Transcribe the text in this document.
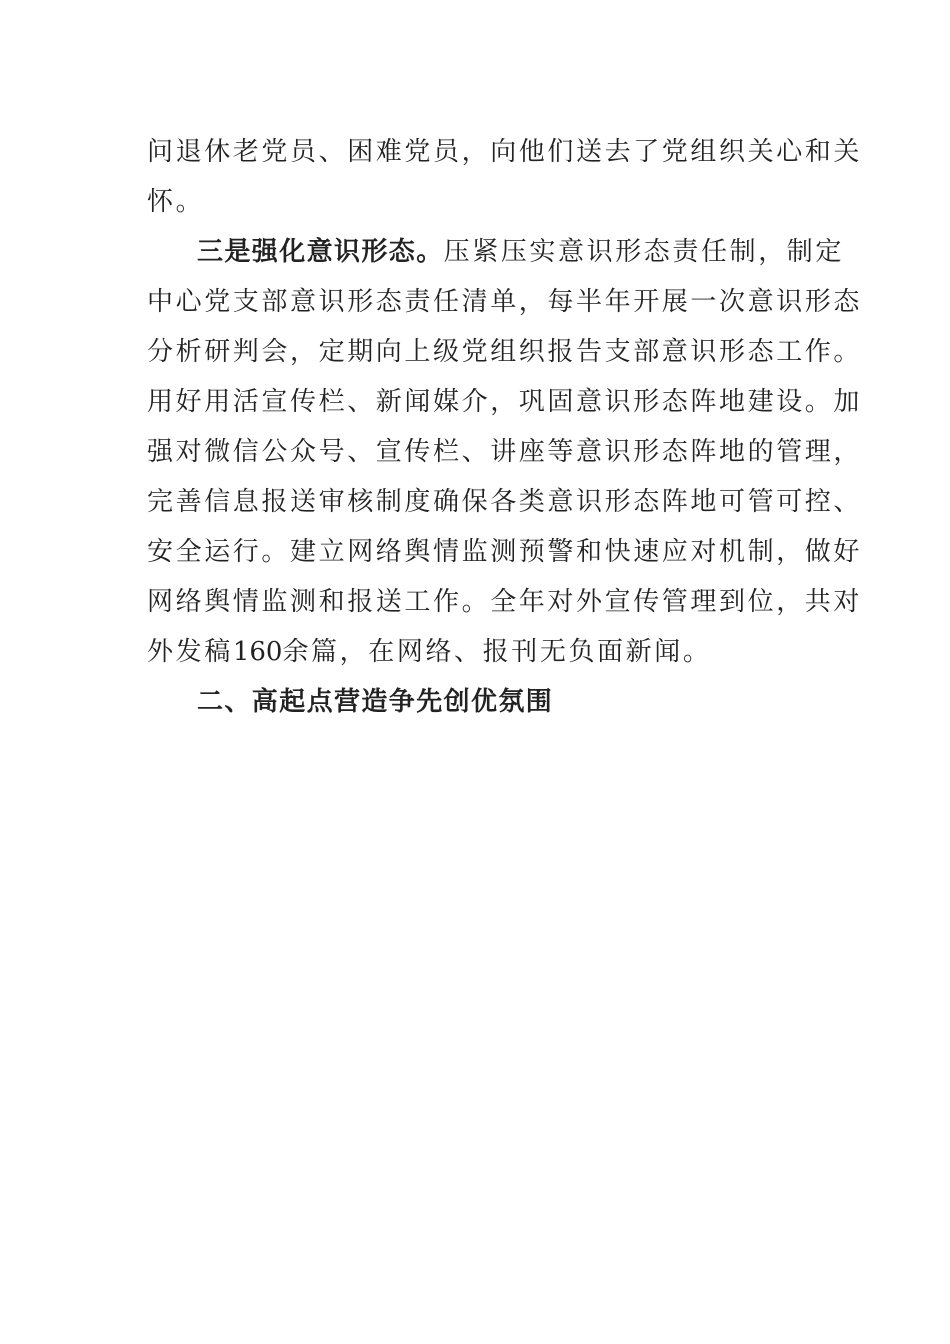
问退休老党员、困难党员，向他们送去了党组织关心和关
怀。
三是强化意识形态。压紧压实意识形态责任制，制定
中心党支部意识形态责任清单，每半年开展一次意识形态
分析研判会，定期向上级党组织报告支部意识形态工作。
用好用活宣传栏、新闻媒介，巩固意识形态阵地建设。加
强对微信公众号、宣传栏、讲座等意识形态阵地的管理，
完善信息报送审核制度确保各类意识形态阵地可管可控、
安全运行。建立网络舆情监测预警和快速应对机制，做好
网络舆情监测和报送工作。全年对外宣传管理到位，共对
外发稿160余篇，在网络、报刊无负面新闻。
二、高起点营造争先创优氛围
